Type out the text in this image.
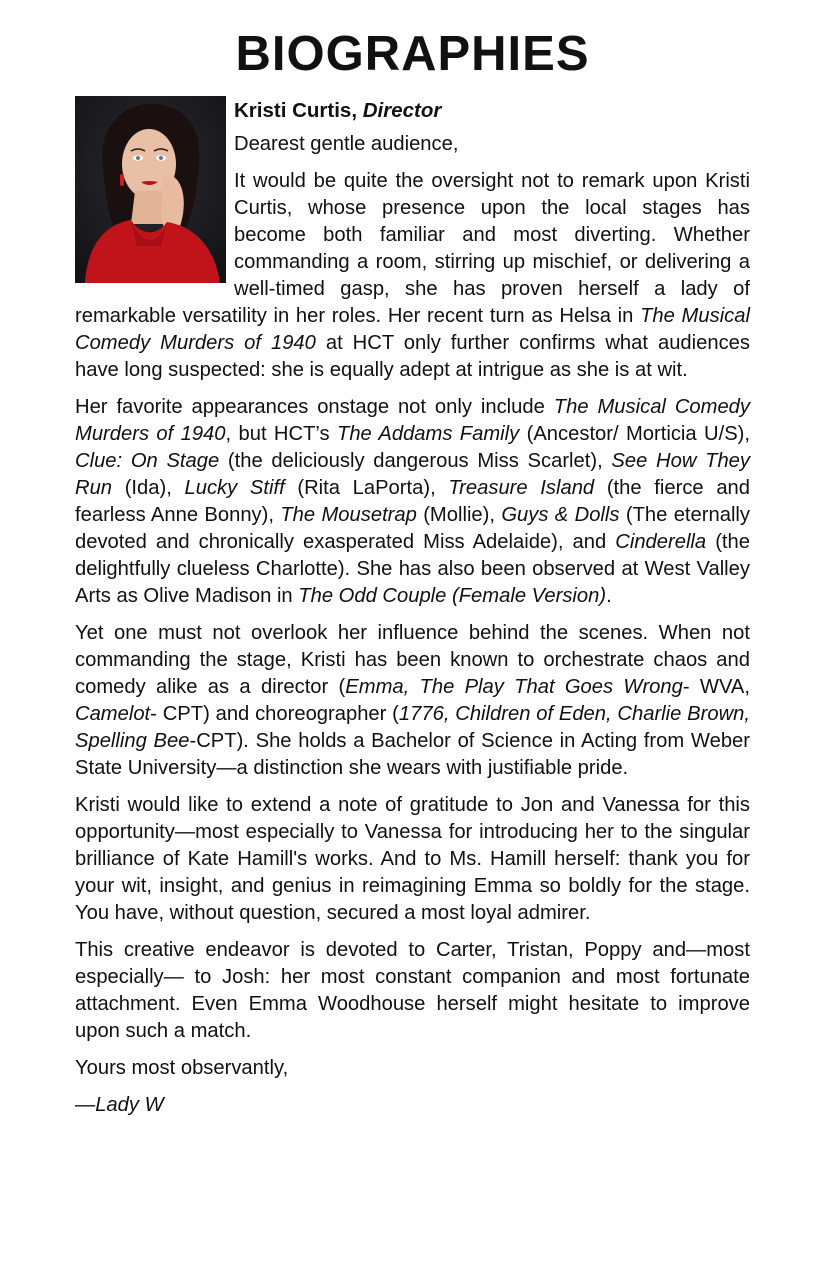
BIOGRAPHIES

Kristi Curtis, Director

Dearest gentle audience,

It would be quite the oversight not to remark upon Kristi Curtis, whose presence upon the local stages has become both familiar and most diverting. Whether commanding a room, stirring up mischief, or delivering a well-timed gasp, she has proven herself a lady of remarkable versatility in her roles. Her recent turn as Helsa in The Musical Comedy Murders of 1940 at HCT only further confirms what audiences have long suspected: she is equally adept at intrigue as she is at wit.

Her favorite appearances onstage not only include The Musical Comedy Murders of 1940, but HCT’s The Addams Family (Ancestor/ Morticia U/S), Clue: On Stage (the deliciously dangerous Miss Scarlet), See How They Run (Ida), Lucky Stiff (Rita LaPorta), Treasure Island (the fierce and fearless Anne Bonny), The Mousetrap (Mollie), Guys & Dolls (The eternally devoted and chronically exasperated Miss Adelaide), and Cinderella (the delightfully clueless Charlotte). She has also been observed at West Valley Arts as Olive Madison in The Odd Couple (Female Version).

Yet one must not overlook her influence behind the scenes. When not commanding the stage, Kristi has been known to orchestrate chaos and comedy alike as a director (Emma, The Play That Goes Wrong- WVA, Camelot- CPT) and choreographer (1776, Children of Eden, Charlie Brown, Spelling Bee-CPT). She holds a Bachelor of Science in Acting from Weber State University—a distinction she wears with justifiable pride.

Kristi would like to extend a note of gratitude to Jon and Vanessa for this opportunity—most especially to Vanessa for introducing her to the singular brilliance of Kate Hamill's works. And to Ms. Hamill herself: thank you for your wit, insight, and genius in reimagining Emma so boldly for the stage. You have, without question, secured a most loyal admirer.

This creative endeavor is devoted to Carter, Tristan, Poppy and—most especially— to Josh: her most constant companion and most fortunate attachment. Even Emma Woodhouse herself might hesitate to improve upon such a match.

Yours most observantly,

—Lady W
